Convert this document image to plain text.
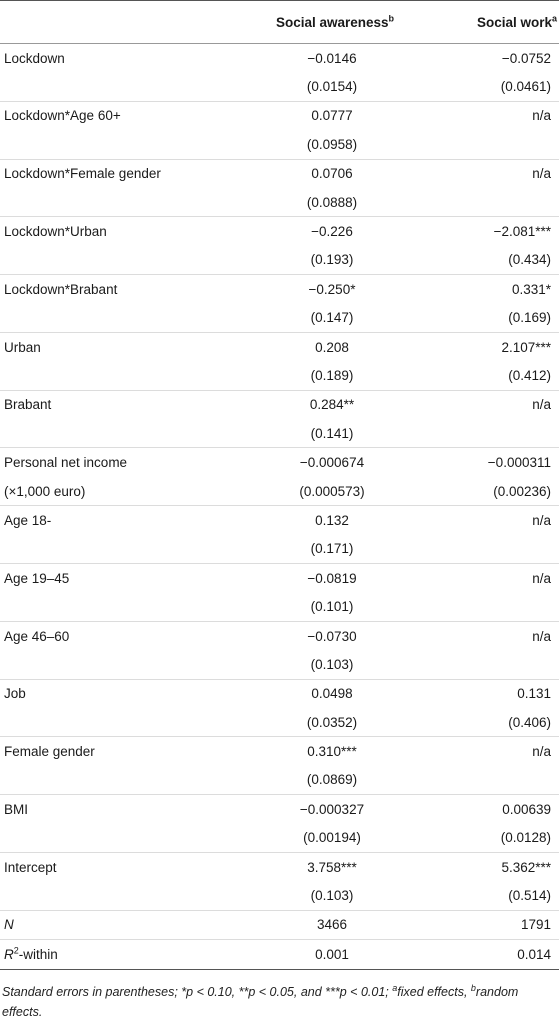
	Social awareness$^b$	Social work$^a$
Lockdown	−0.0146	−0.0752
	(0.0154)	(0.0461)
Lockdown*Age 60+	0.0777	n/a
	(0.0958)	
Lockdown*Female gender	0.0706	n/a
	(0.0888)	
Lockdown*Urban	−0.226	−2.081***
	(0.193)	(0.434)
Lockdown*Brabant	−0.250*	0.331*
	(0.147)	(0.169)
Urban	0.208	2.107***
	(0.189)	(0.412)
Brabant	0.284**	n/a
	(0.141)	
Personal net income	−0.000674	−0.000311
(×1,000 euro)	(0.000573)	(0.00236)
Age 18-	0.132	n/a
	(0.171)	
Age 19–45	−0.0819	n/a
	(0.101)	
Age 46–60	−0.0730	n/a
	(0.103)	
Job	0.0498	0.131
	(0.0352)	(0.406)
Female gender	0.310***	n/a
	(0.0869)	
BMI	−0.000327	0.00639
	(0.00194)	(0.0128)
Intercept	3.758***	5.362***
	(0.103)	(0.514)
N	3466	1791
$R^2$-within	0.001	0.014
Standard errors in parentheses; *p < 0.10, **p < 0.05, and ***p < 0.01; $^a$fixed effects, $^b$random effects.
